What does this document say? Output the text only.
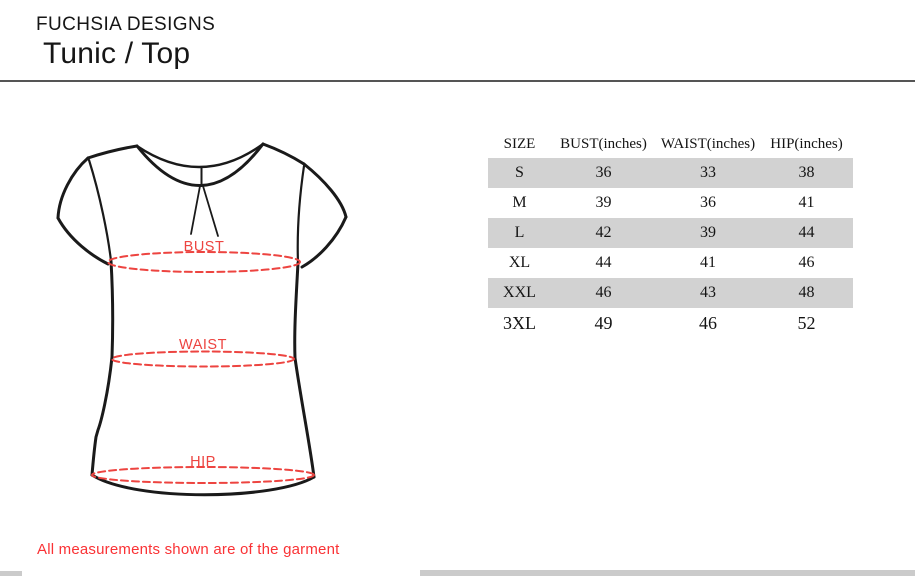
FUCHSIA DESIGNS
Tunic / Top
BUST
WAIST
HIP
SIZE	BUST(inches)	WAIST(inches)	HIP(inches)
S	36	33	38
M	39	36	41
L	42	39	44
XL	44	41	46
XXL	46	43	48
3XL	49	46	52
All measurements shown are of the garment
